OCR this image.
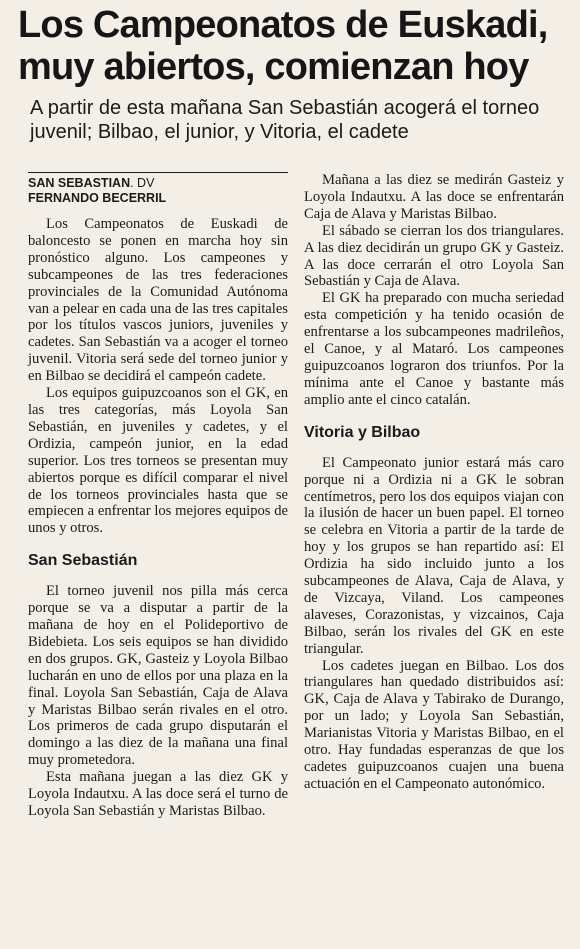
Los Campeonatos de Euskadi, muy abiertos, comienzan hoy

A partir de esta mañana San Sebastián acogerá el torneo juvenil; Bilbao, el junior, y Vitoria, el cadete

SAN SEBASTIAN. DV
FERNANDO BECERRIL

Los Campeonatos de Euskadi de baloncesto se ponen en marcha hoy sin pronóstico alguno. Los campeones y subcampeones de las tres federaciones provinciales de la Comunidad Autónoma van a pelear en cada una de las tres capitales por los títulos vascos juniors, juveniles y cadetes. San Sebastián va a acoger el torneo juvenil. Vitoria será sede del torneo junior y en Bilbao se decidirá el campeón cadete.

Los equipos guipuzcoanos son el GK, en las tres categorías, más Loyola San Sebastián, en juveniles y cadetes, y el Ordizia, campeón junior, en la edad superior. Los tres torneos se presentan muy abiertos porque es difícil comparar el nivel de los torneos provinciales hasta que se empiecen a enfrentar los mejores equipos de unos y otros.

San Sebastián

El torneo juvenil nos pilla más cerca porque se va a disputar a partir de la mañana de hoy en el Polideportivo de Bidebieta. Los seis equipos se han dividido en dos grupos. GK, Gasteiz y Loyola Bilbao lucharán en uno de ellos por una plaza en la final. Loyola San Sebastián, Caja de Alava y Maristas Bilbao serán rivales en el otro. Los primeros de cada grupo disputarán el domingo a las diez de la mañana una final muy prometedora.

Esta mañana juegan a las diez GK y Loyola Indautxu. A las doce será el turno de Loyola San Sebastián y Maristas Bilbao.

Mañana a las diez se medirán Gasteiz y Loyola Indautxu. A las doce se enfrentarán Caja de Alava y Maristas Bilbao.

El sábado se cierran los dos triangulares. A las diez decidirán un grupo GK y Gasteiz. A las doce cerrarán el otro Loyola San Sebastián y Caja de Alava.

El GK ha preparado con mucha seriedad esta competición y ha tenido ocasión de enfrentarse a los subcampeones madrileños, el Canoe, y al Mataró. Los campeones guipuzcoanos lograron dos triunfos. Por la mínima ante el Canoe y bastante más amplio ante el cinco catalán.

Vitoria y Bilbao

El Campeonato junior estará más caro porque ni a Ordizia ni a GK le sobran centímetros, pero los dos equipos viajan con la ilusión de hacer un buen papel. El torneo se celebra en Vitoria a partir de la tarde de hoy y los grupos se han repartido así: El Ordizia ha sido incluido junto a los subcampeones de Alava, Caja de Alava, y de Vizcaya, Viland. Los campeones alaveses, Corazonistas, y vizcainos, Caja Bilbao, serán los rivales del GK en este triangular.

Los cadetes juegan en Bilbao. Los dos triangulares han quedado distribuidos así: GK, Caja de Alava y Tabirako de Durango, por un lado; y Loyola San Sebastián, Marianistas Vitoria y Maristas Bilbao, en el otro. Hay fundadas esperanzas de que los cadetes guipuzcoanos cuajen una buena actuación en el Campeonato autonómico.
